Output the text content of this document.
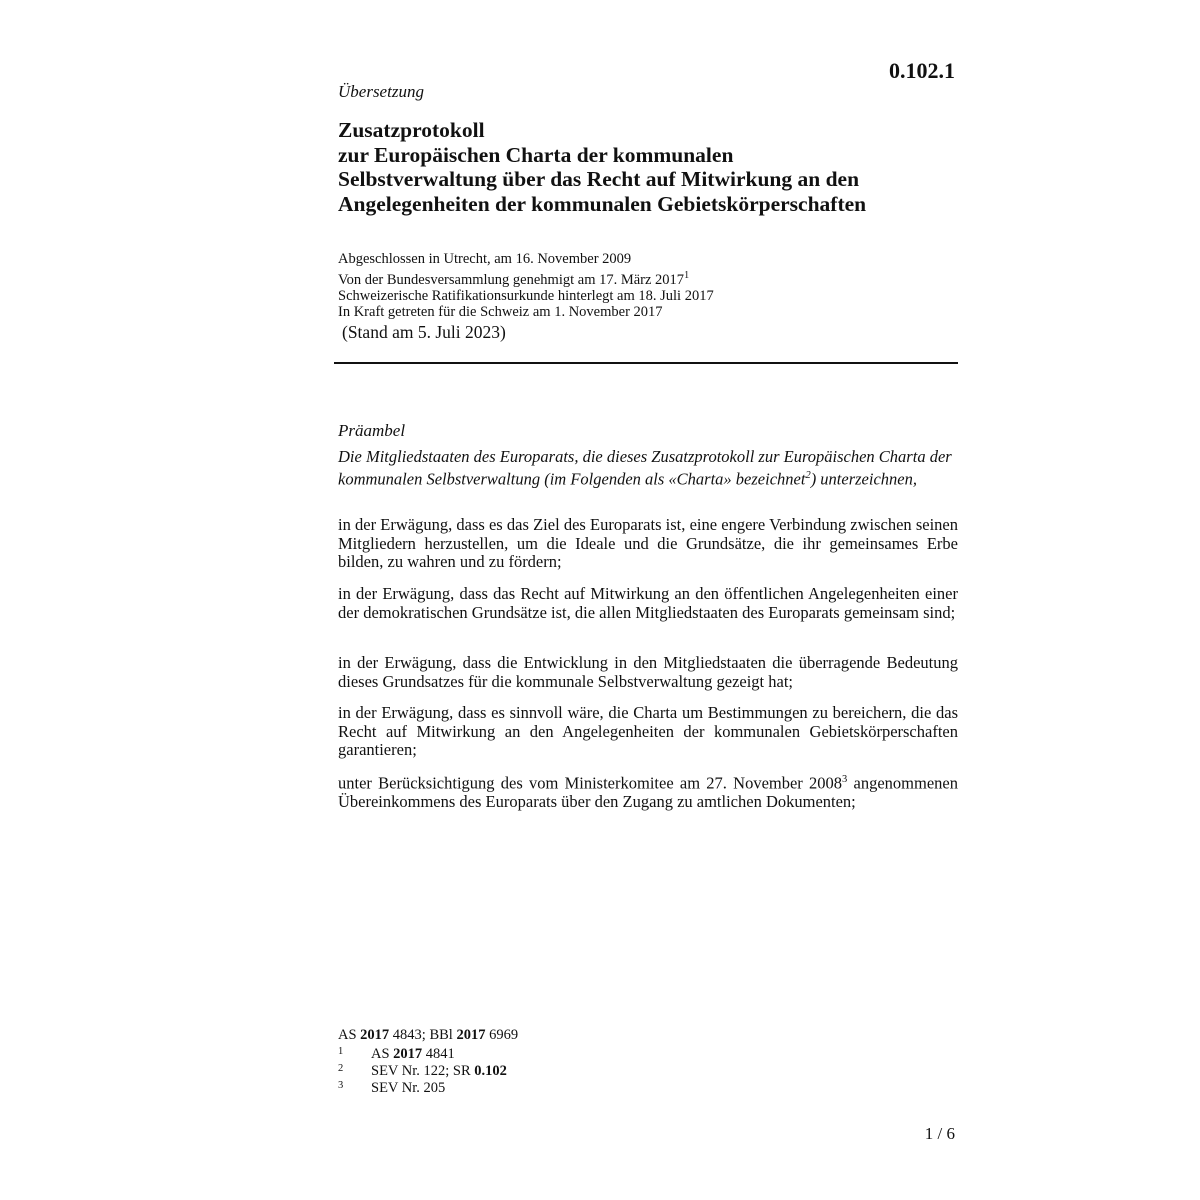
0.102.1
Übersetzung
Zusatzprotokoll
zur Europäischen Charta der kommunalen
Selbstverwaltung über das Recht auf Mitwirkung an den
Angelegenheiten der kommunalen Gebietskörperschaften
Abgeschlossen in Utrecht, am 16. November 2009
Von der Bundesversammlung genehmigt am 17. März 2017$^1$
Schweizerische Ratifikationsurkunde hinterlegt am 18. Juli 2017
In Kraft getreten für die Schweiz am 1. November 2017
(Stand am 5. Juli 2023)
Präambel
Die Mitgliedstaaten des Europarats, die dieses Zusatzprotokoll zur Europäischen Charta der kommunalen Selbstverwaltung (im Folgenden als «Charta» bezeichnet$^2$) unterzeichnen,
in der Erwägung, dass es das Ziel des Europarats ist, eine engere Verbindung zwischen seinen Mitgliedern herzustellen, um die Ideale und die Grundsätze, die ihr gemeinsames Erbe bilden, zu wahren und zu fördern;
in der Erwägung, dass das Recht auf Mitwirkung an den öffentlichen Angelegenheiten einer der demokratischen Grundsätze ist, die allen Mitgliedstaaten des Europarats gemeinsam sind;
in der Erwägung, dass die Entwicklung in den Mitgliedstaaten die überragende Bedeutung dieses Grundsatzes für die kommunale Selbstverwaltung gezeigt hat;
in der Erwägung, dass es sinnvoll wäre, die Charta um Bestimmungen zu bereichern, die das Recht auf Mitwirkung an den Angelegenheiten der kommunalen Gebietskörperschaften garantieren;
unter Berücksichtigung des vom Ministerkomitee am 27. November 2008$^3$ angenommenen Übereinkommens des Europarats über den Zugang zu amtlichen Dokumenten;
AS 2017 4843; BBl 2017 6969
1 AS 2017 4841
2 SEV Nr. 122; SR 0.102
3 SEV Nr. 205
1 / 6
